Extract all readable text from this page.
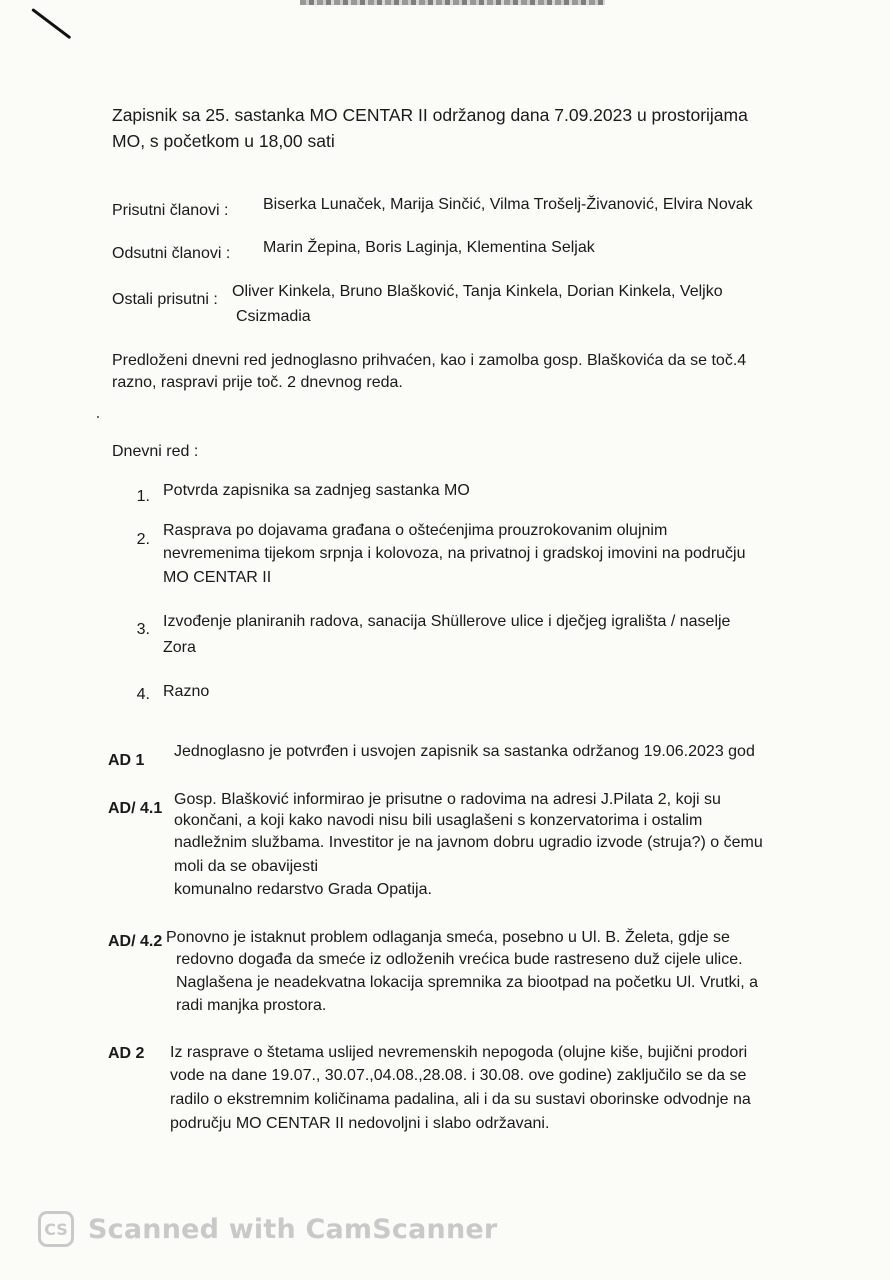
Zapisnik sa 25. sastanka MO CENTAR II održanog dana 7.09.2023 u prostorijama

MO, s početkom u 18,00 sati

Prisutni članovi : Biserka Lunaček, Marija Sinčić, Vilma Trošelj-Živanović, Elvira Novak

Odsutni članovi : Marin Žepina, Boris Laginja, Klementina Seljak

Ostali prisutni : Oliver Kinkela, Bruno Blašković, Tanja Kinkela, Dorian Kinkela, Veljko

Csizmadia

Predloženi dnevni red jednoglasno prihvaćen, kao i zamolba gosp. Blaškovića da se toč.4

razno, raspravi prije toč. 2 dnevnog reda.

Dnevni red :

1. Potvrda zapisnika sa zadnjeg sastanka MO

2.

Rasprava po dojavama građana o oštećenjima prouzrokovanim olujnim

nevremenima tijekom srpnja i kolovoza, na privatnoj i gradskoj imovini na području

MO CENTAR II

3. Izvođenje planiranih radova, sanacija Shüllerove ulice i dječjeg igrališta / naselje

Zora

4. Razno

AD 1

Jednoglasno je potvrđen i usvojen zapisnik sa sastanka održanog 19.06.2023 god

AD/ 4.1

Gosp. Blašković informirao je prisutne o radovima na adresi J.Pilata 2, koji su

okončani, a koji kako navodi nisu bili usaglašeni s konzervatorima i ostalim

nadležnim službama. Investitor je na javnom dobru ugradio izvode (struja?) o čemu

moli da se obavijesti

komunalno redarstvo Grada Opatija.

AD/ 4.2 Ponovno je istaknut problem odlaganja smeća, posebno u Ul. B. Želeta, gdje se

redovno događa da smeće iz odloženih vrećica bude rastreseno duž cijele ulice.

Naglašena je neadekvatna lokacija spremnika za biootpad na početku Ul. Vrutki, a

radi manjka prostora.

AD 2 Iz rasprave o štetama uslijed nevremenskih nepogoda (olujne kiše, bujični prodori

vode na dane 19.07., 30.07.,04.08.,28.08. i 30.08. ove godine) zaključilo se da se

radilo o ekstremnim količinama padalina, ali i da su sustavi oborinske odvodnje na

području MO CENTAR II nedovoljni i slabo održavani.

CS Scanned with CamScanner
